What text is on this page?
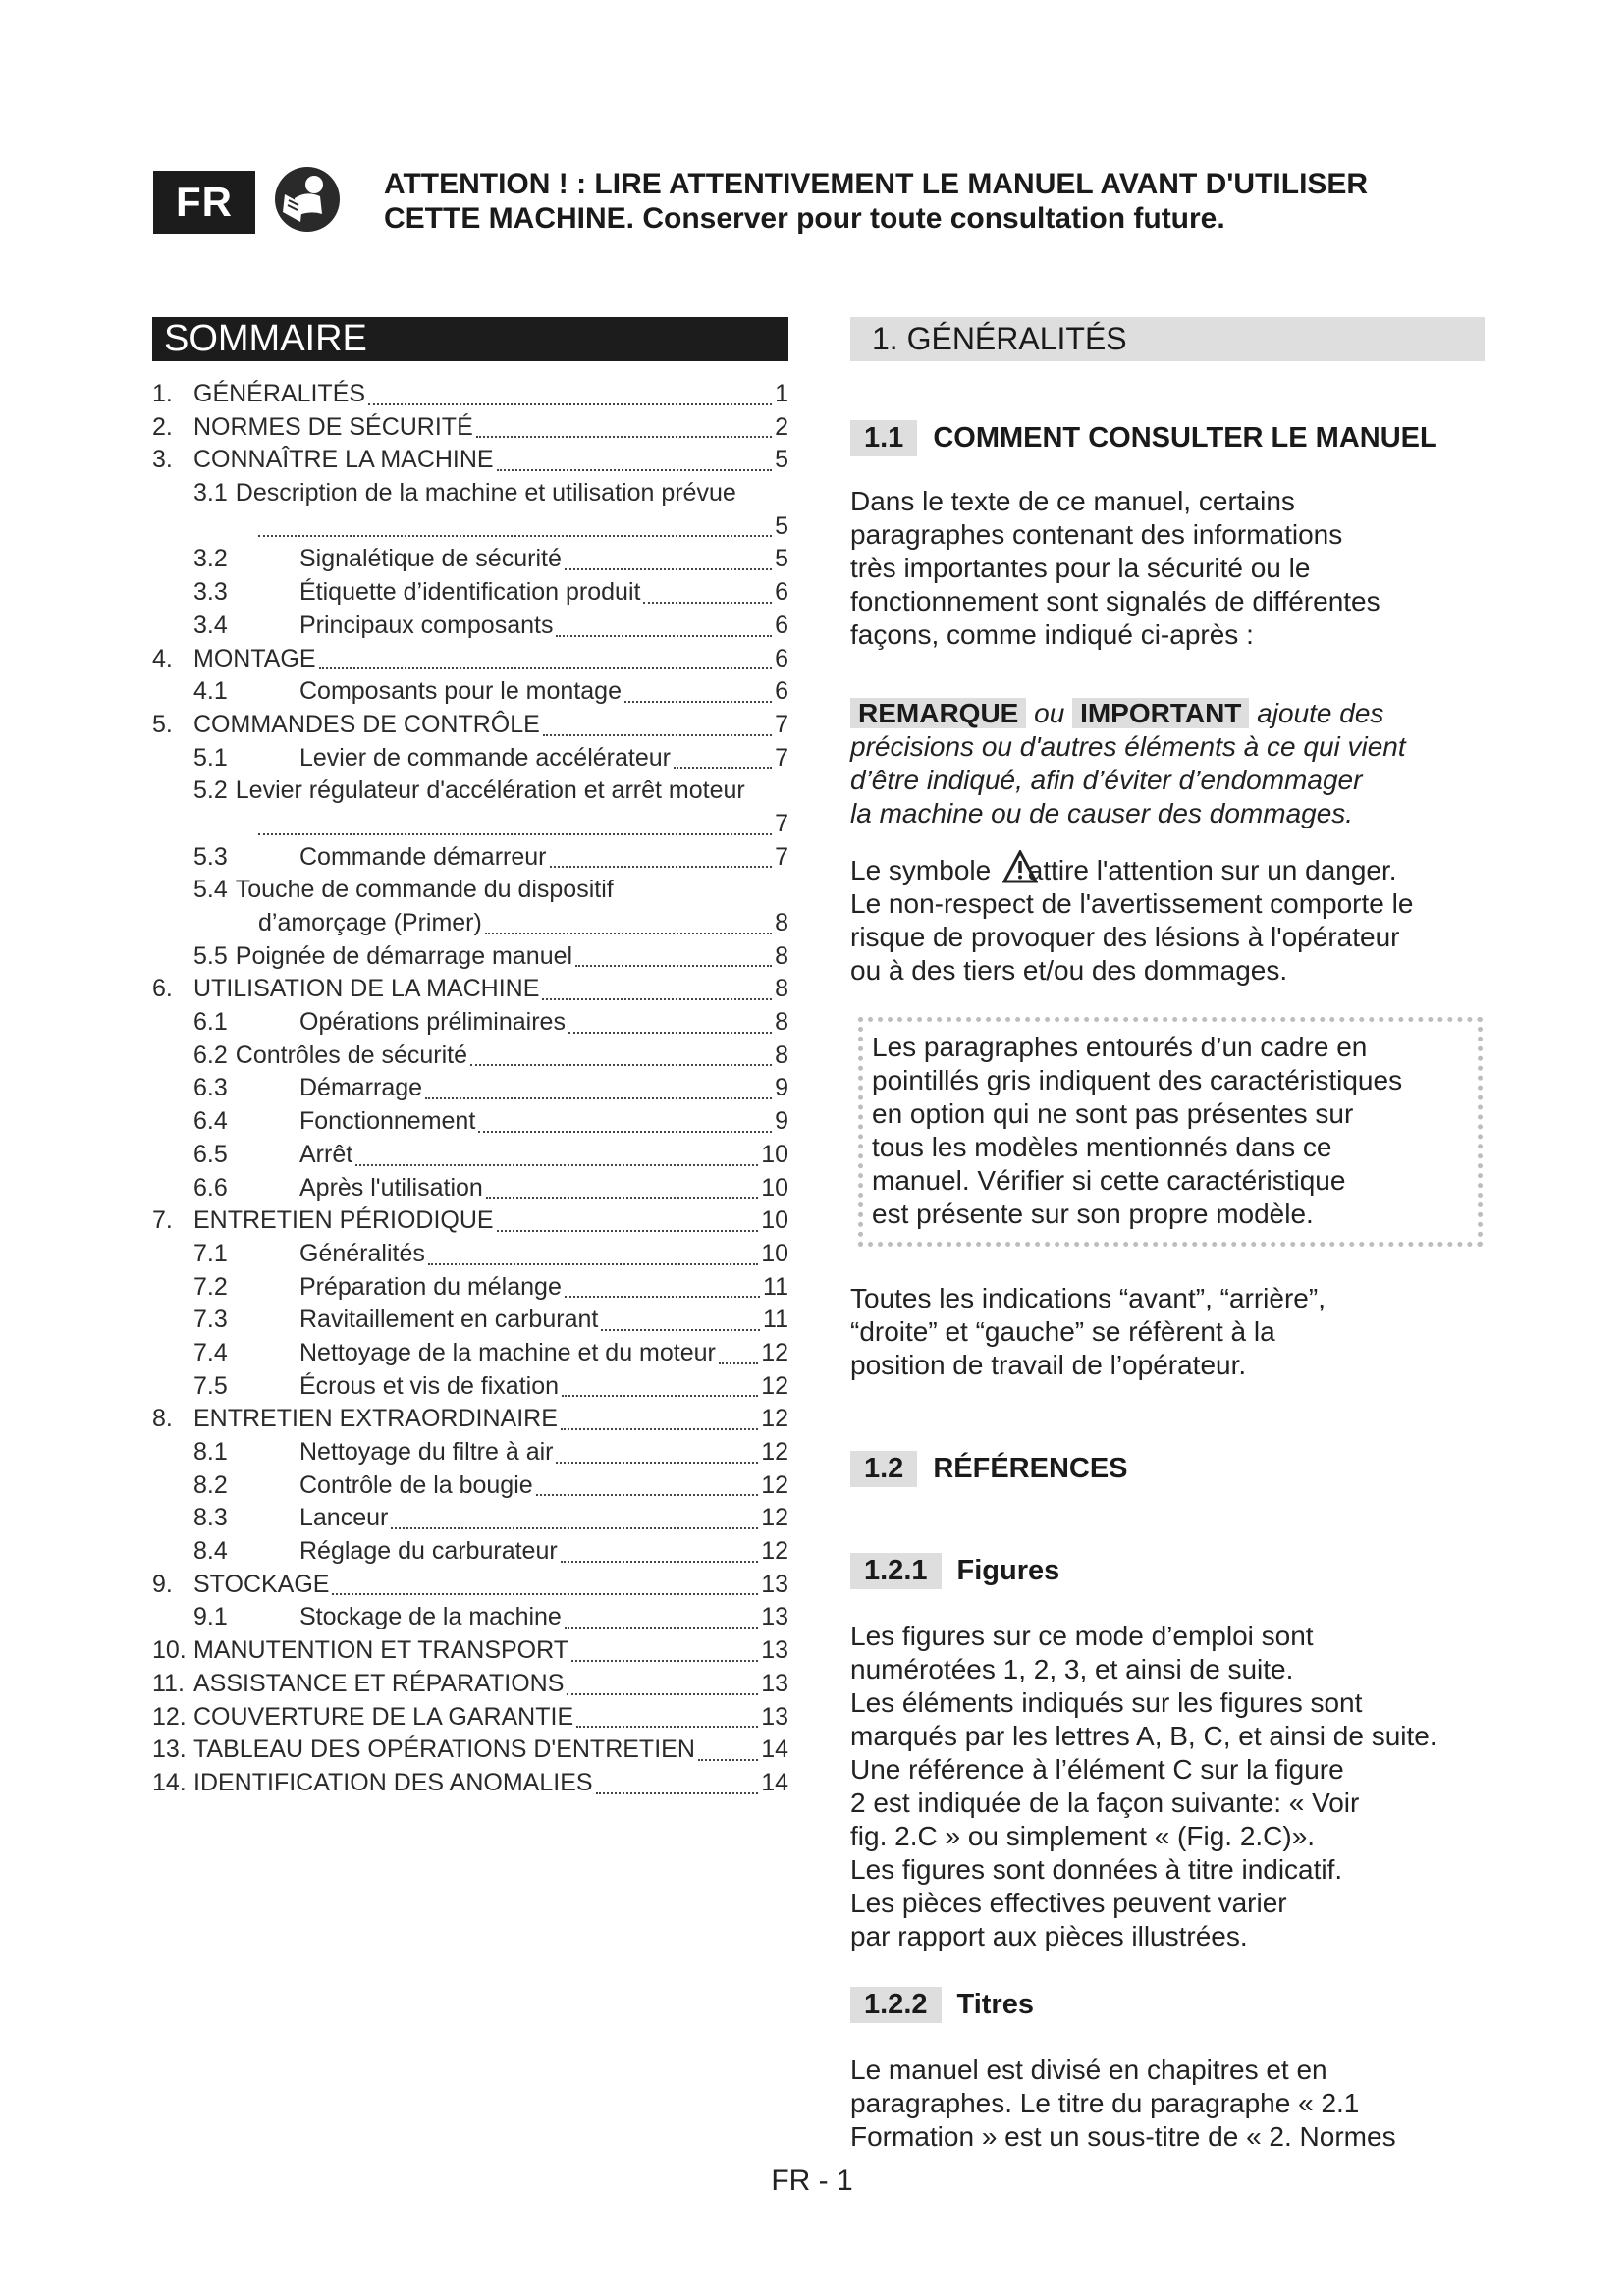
FR	ATTENTION ! : LIRE ATTENTIVEMENT LE MANUEL AVANT D'UTILISER
CETTE MACHINE. Conserver pour toute consultation future.
SOMMAIRE
1. GÉNÉRALITÉS	1
2. NORMES DE SÉCURITÉ	2
3. CONNAÎTRE LA MACHINE	5
3.1 Description de la machine et utilisation prévue
5
3.2	Signalétique de sécurité	5
3.3	Étiquette d’identification produit	6
3.4	Principaux composants	6
4. MONTAGE	6
4.1	Composants pour le montage	6
5. COMMANDES DE CONTRÔLE	7
5.1	Levier de commande accélérateur	7
5.2 Levier régulateur d'accélération et arrêt moteur
7
5.3	Commande démarreur	7
5.4 Touche de commande du dispositif
d’amorçage (Primer)	8
5.5 Poignée de démarrage manuel	8
6. UTILISATION DE LA MACHINE	8
6.1	Opérations préliminaires	8
6.2 Contrôles de sécurité	8
6.3	Démarrage	9
6.4	Fonctionnement	9
6.5	Arrêt	10
6.6	Après l'utilisation	10
7. ENTRETIEN PÉRIODIQUE	10
7.1	Généralités	10
7.2	Préparation du mélange	11
7.3	Ravitaillement en carburant	11
7.4	Nettoyage de la machine et du moteur 12
7.5	Écrous et vis de fixation	12
8. ENTRETIEN EXTRAORDINAIRE	12
8.1	Nettoyage du filtre à air	12
8.2	Contrôle de la bougie	12
8.3	Lanceur	12
8.4	Réglage du carburateur	12
9. STOCKAGE	13
9.1	Stockage de la machine	13
10. MANUTENTION ET TRANSPORT	13
11. ASSISTANCE ET RÉPARATIONS	13
12. COUVERTURE DE LA GARANTIE	13
13. TABLEAU DES OPÉRATIONS D'ENTRETIEN	14
14. IDENTIFICATION DES ANOMALIES	14
1. GÉNÉRALITÉS
1.1	COMMENT CONSULTER LE MANUEL
Dans le texte de ce manuel, certains
paragraphes contenant des informations
très importantes pour la sécurité ou le
fonctionnement sont signalés de différentes
façons, comme indiqué ci-après :
REMARQUE ou IMPORTANT ajoute des
précisions ou d'autres éléments à ce qui vient
d’être indiqué, afin d’éviter d’endommager
la machine ou de causer des dommages.
Le symbole attire l'attention sur un danger.
Le non-respect de l'avertissement comporte le
risque de provoquer des lésions à l'opérateur
ou à des tiers et/ou des dommages.
Les paragraphes entourés d’un cadre en
pointillés gris indiquent des caractéristiques
en option qui ne sont pas présentes sur
tous les modèles mentionnés dans ce
manuel. Vérifier si cette caractéristique
est présente sur son propre modèle.
Toutes les indications “avant”, “arrière”,
“droite” et “gauche” se réfèrent à la
position de travail de l’opérateur.
1.2	RÉFÉRENCES
1.2.1	Figures
Les figures sur ce mode d’emploi sont
numérotées 1, 2, 3, et ainsi de suite.
Les éléments indiqués sur les figures sont
marqués par les lettres A, B, C, et ainsi de suite.
Une référence à l’élément C sur la figure
2 est indiquée de la façon suivante: « Voir
fig. 2.C » ou simplement « (Fig. 2.C)».
Les figures sont données à titre indicatif.
Les pièces effectives peuvent varier
par rapport aux pièces illustrées.
1.2.2	Titres
Le manuel est divisé en chapitres et en
paragraphes. Le titre du paragraphe « 2.1
Formation » est un sous-titre de « 2. Normes
FR - 1
